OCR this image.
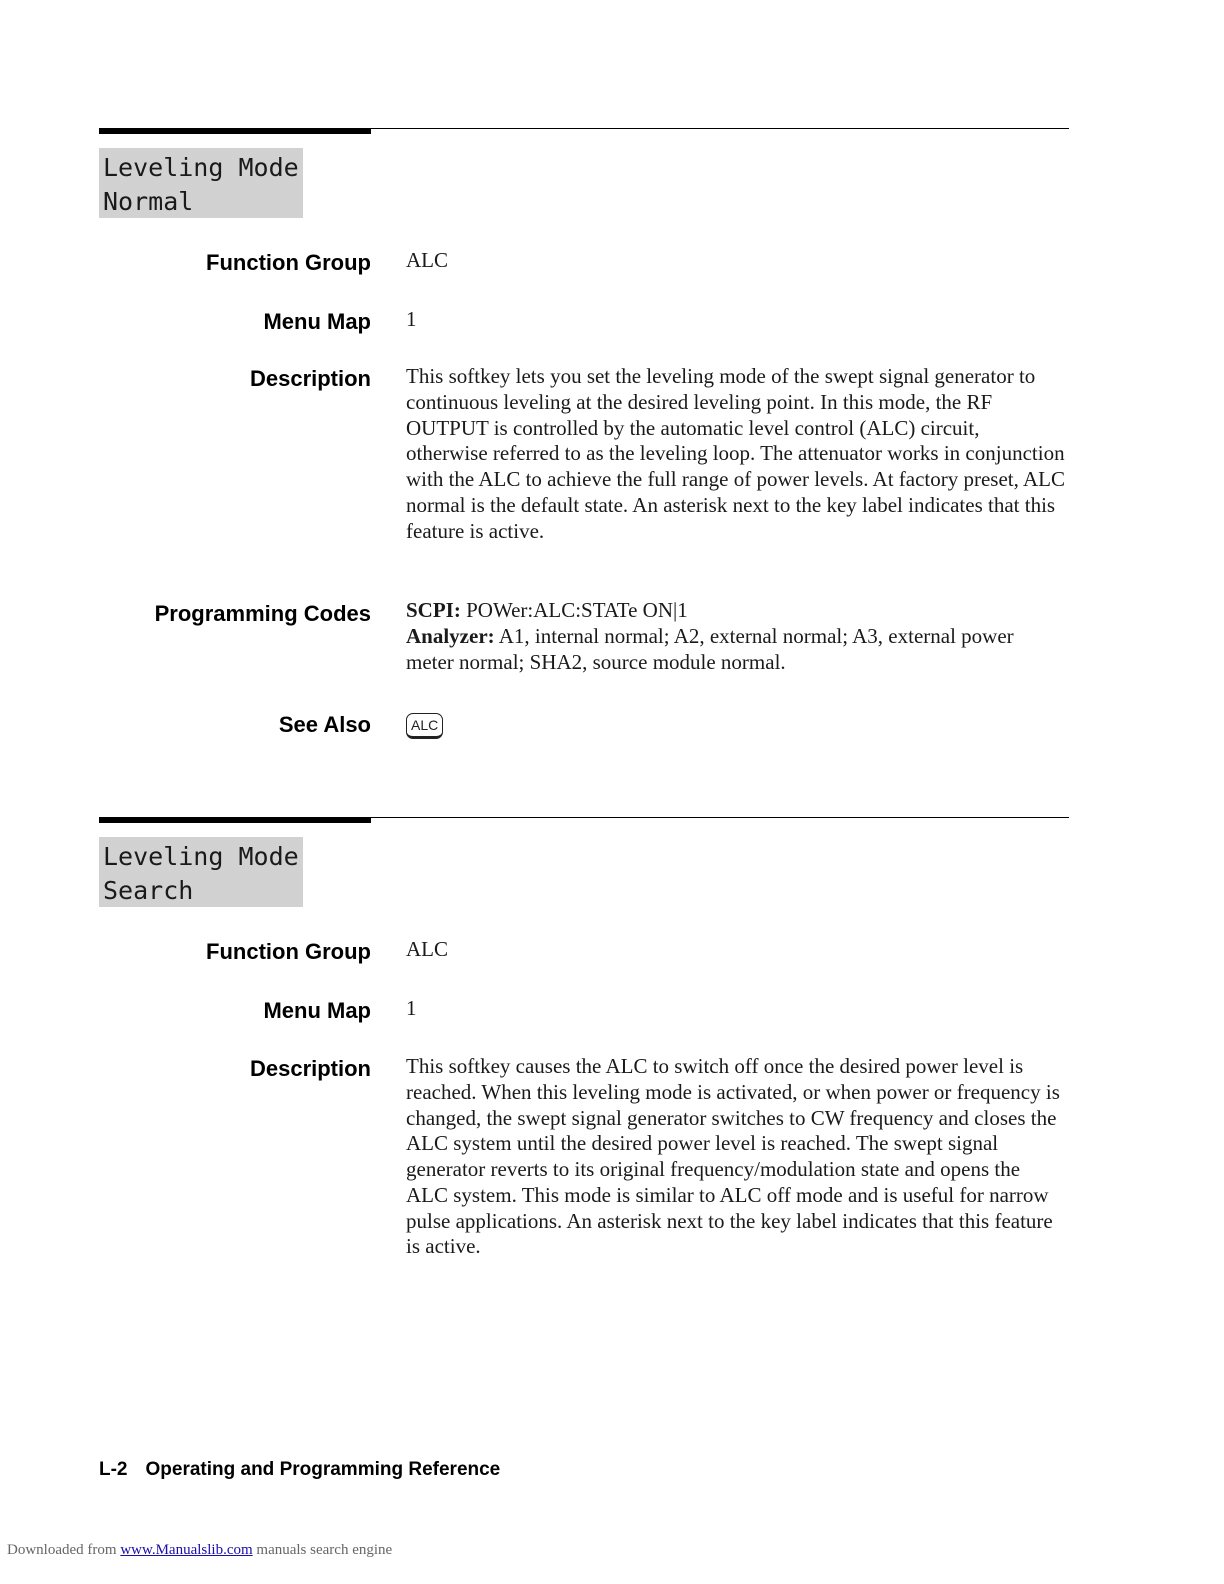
Leveling Mode
Normal
Function Group ALC
Menu Map 1
Description This softkey lets you set the leveling mode of the swept signal generator to continuous leveling at the desired leveling point. In this mode, the RF OUTPUT is controlled by the automatic level control (ALC) circuit, otherwise referred to as the leveling loop. The attenuator works in conjunction with the ALC to achieve the full range of power levels. At factory preset, ALC normal is the default state. An asterisk next to the key label indicates that this feature is active.
Programming Codes SCPI: POWer:ALC:STATe ON|1
Analyzer: A1, internal normal; A2, external normal; A3, external power meter normal; SHA2, source module normal.
See Also	ALC
Leveling Mode
Search
Function Group ALC
Menu Map 1
Description This softkey causes the ALC to switch off once the desired power level is reached. When this leveling mode is activated, or when power or frequency is changed, the swept signal generator switches to CW frequency and closes the ALC system until the desired power level is reached. The swept signal generator reverts to its original frequency/modulation state and opens the ALC system. This mode is similar to ALC off mode and is useful for narrow pulse applications. An asterisk next to the key label indicates that this feature is active.
L-2 Operating and Programming Reference
Downloaded from www.Manualslib.com manuals search engine
